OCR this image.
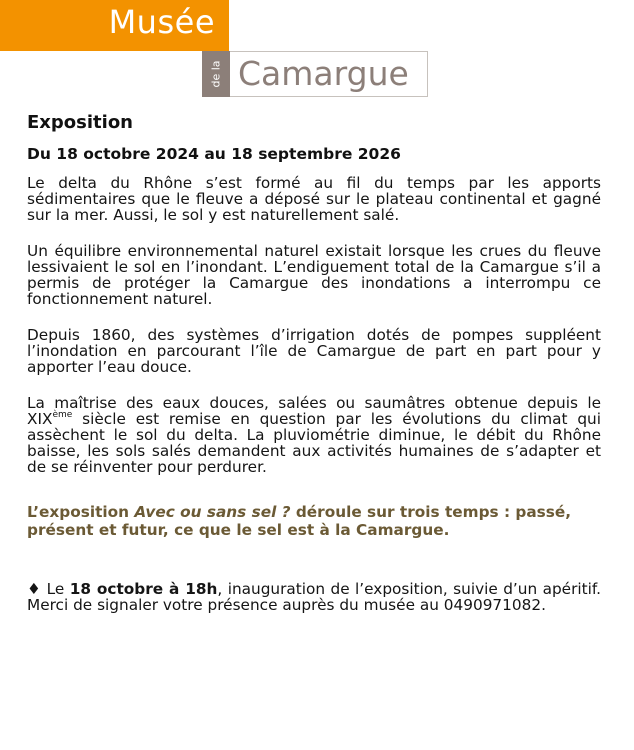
Musée
Camargue
de la
Exposition
Du 18 octobre 2024 au 18 septembre 2026

Le delta du Rhône s’est formé au fil du temps par les apports sédimentaires que le fleuve a déposé sur le plateau continental et gagné sur la mer. Aussi, le sol y est naturellement salé.

Un équilibre environnemental naturel existait lorsque les crues du fleuve lessivaient le sol en l’inondant. L’endiguement total de la Camargue s’il a permis de protéger la Camargue des inondations a interrompu ce fonctionnement naturel.

Depuis 1860, des systèmes d’irrigation dotés de pompes suppléent l’inondation en parcourant l’île de Camargue de part en part pour y apporter l’eau douce.

La maîtrise des eaux douces, salées ou saumâtres obtenue depuis le XIXème siècle est remise en question par les évolutions du climat qui assèchent le sol du delta. La pluviométrie diminue, le débit du Rhône baisse, les sols salés demandent aux activités humaines de s’adapter et de se réinventer pour perdurer.

L’exposition Avec ou sans sel ? déroule sur trois temps : passé, présent et futur, ce que le sel est à la Camargue.

♦ Le 18 octobre à 18h, inauguration de l’exposition, suivie d’un apéritif. Merci de signaler votre présence auprès du musée au 0490971082.
